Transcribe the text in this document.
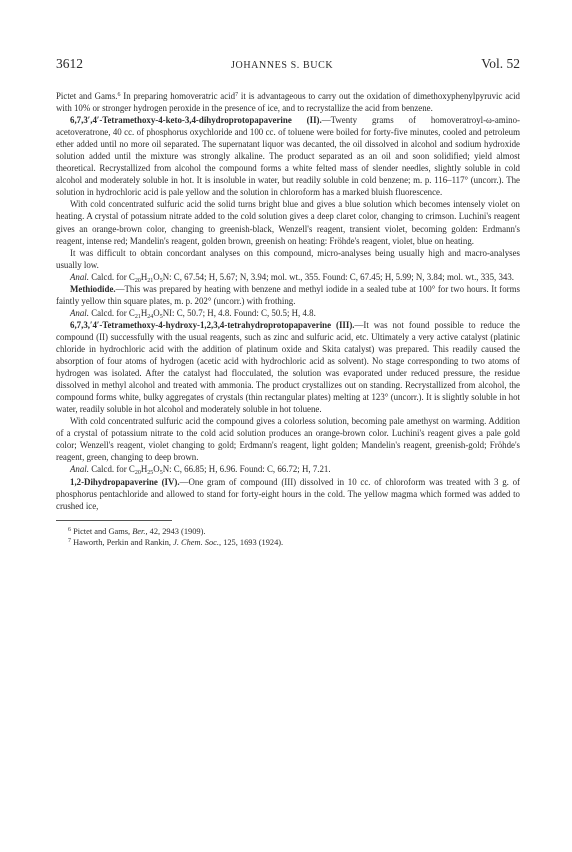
3612	JOHANNES S. BUCK	Vol. 52

Pictet and Gams.$^6$ In preparing homoveratric acid$^7$ it is advantageous to carry out the oxidation of dimethoxyphenylpyruvic acid with 10% or stronger hydrogen peroxide in the presence of ice, and to recrystallize the acid from benzene.

6,7,3′,4′-Tetramethoxy-4-keto-3,4-dihydroprotopapaverine (II).—Twenty grams of homoveratroyl-ω-amino-acetoveratrone, 40 cc. of phosphorus oxychloride and 100 cc. of toluene were boiled for forty-five minutes, cooled and petroleum ether added until no more oil separated. The supernatant liquor was decanted, the oil dissolved in alcohol and sodium hydroxide solution added until the mixture was strongly alkaline. The product separated as an oil and soon solidified; yield almost theoretical. Recrystallized from alcohol the compound forms a white felted mass of slender needles, slightly soluble in cold alcohol and moderately soluble in hot. It is insoluble in water, but readily soluble in cold benzene; m. p. 116–117° (uncorr.). The solution in hydrochloric acid is pale yellow and the solution in chloroform has a marked bluish fluorescence.

With cold concentrated sulfuric acid the solid turns bright blue and gives a blue solution which becomes intensely violet on heating. A crystal of potassium nitrate added to the cold solution gives a deep claret color, changing to crimson. Luchini's reagent gives an orange-brown color, changing to greenish-black, Wenzell's reagent, transient violet, becoming golden: Erdmann's reagent, intense red; Mandelin's reagent, golden brown, greenish on heating: Fröhde's reagent, violet, blue on heating.

It was difficult to obtain concordant analyses on this compound, micro-analyses being usually high and macro-analyses usually low.

Anal. Calcd. for $C_{20}H_{21}O_5N$: C, 67.54; H, 5.67; N, 3.94; mol. wt., 355. Found: C, 67.45; H, 5.99; N, 3.84; mol. wt., 335, 343.

Methiodide.—This was prepared by heating with benzene and methyl iodide in a sealed tube at 100° for two hours. It forms faintly yellow thin square plates, m. p. 202° (uncorr.) with frothing.

Anal. Calcd. for $C_{21}H_{24}O_5NI$: C, 50.7; H, 4.8. Found: C, 50.5; H, 4.8.

6,7,3,′4′-Tetramethoxy-4-hydroxy-1,2,3,4-tetrahydroprotopapaverine (III).—It was not found possible to reduce the compound (II) successfully with the usual reagents, such as zinc and sulfuric acid, etc. Ultimately a very active catalyst (platinic chloride in hydrochloric acid with the addition of platinum oxide and Skita catalyst) was prepared. This readily caused the absorption of four atoms of hydrogen (acetic acid with hydrochloric acid as solvent). No stage corresponding to two atoms of hydrogen was isolated. After the catalyst had flocculated, the solution was evaporated under reduced pressure, the residue dissolved in methyl alcohol and treated with ammonia. The product crystallizes out on standing. Recrystallized from alcohol, the compound forms white, bulky aggregates of crystals (thin rectangular plates) melting at 123° (uncorr.). It is slightly soluble in hot water, readily soluble in hot alcohol and moderately soluble in hot toluene.

With cold concentrated sulfuric acid the compound gives a colorless solution, becoming pale amethyst on warming. Addition of a crystal of potassium nitrate to the cold acid solution produces an orange-brown color. Luchini's reagent gives a pale gold color; Wenzell's reagent, violet changing to gold; Erdmann's reagent, light golden; Mandelin's reagent, greenish-gold; Fröhde's reagent, green, changing to deep brown.

Anal. Calcd. for $C_{20}H_{25}O_5N$: C, 66.85; H, 6.96. Found: C, 66.72; H, 7.21.

1,2-Dihydropapaverine (IV).—One gram of compound (III) dissolved in 10 cc. of chloroform was treated with 3 g. of phosphorus pentachloride and allowed to stand for forty-eight hours in the cold. The yellow magma which formed was added to crushed ice,

$^6$ Pictet and Gams, Ber., 42, 2943 (1909).

$^7$ Haworth, Perkin and Rankin, J. Chem. Soc., 125, 1693 (1924).
